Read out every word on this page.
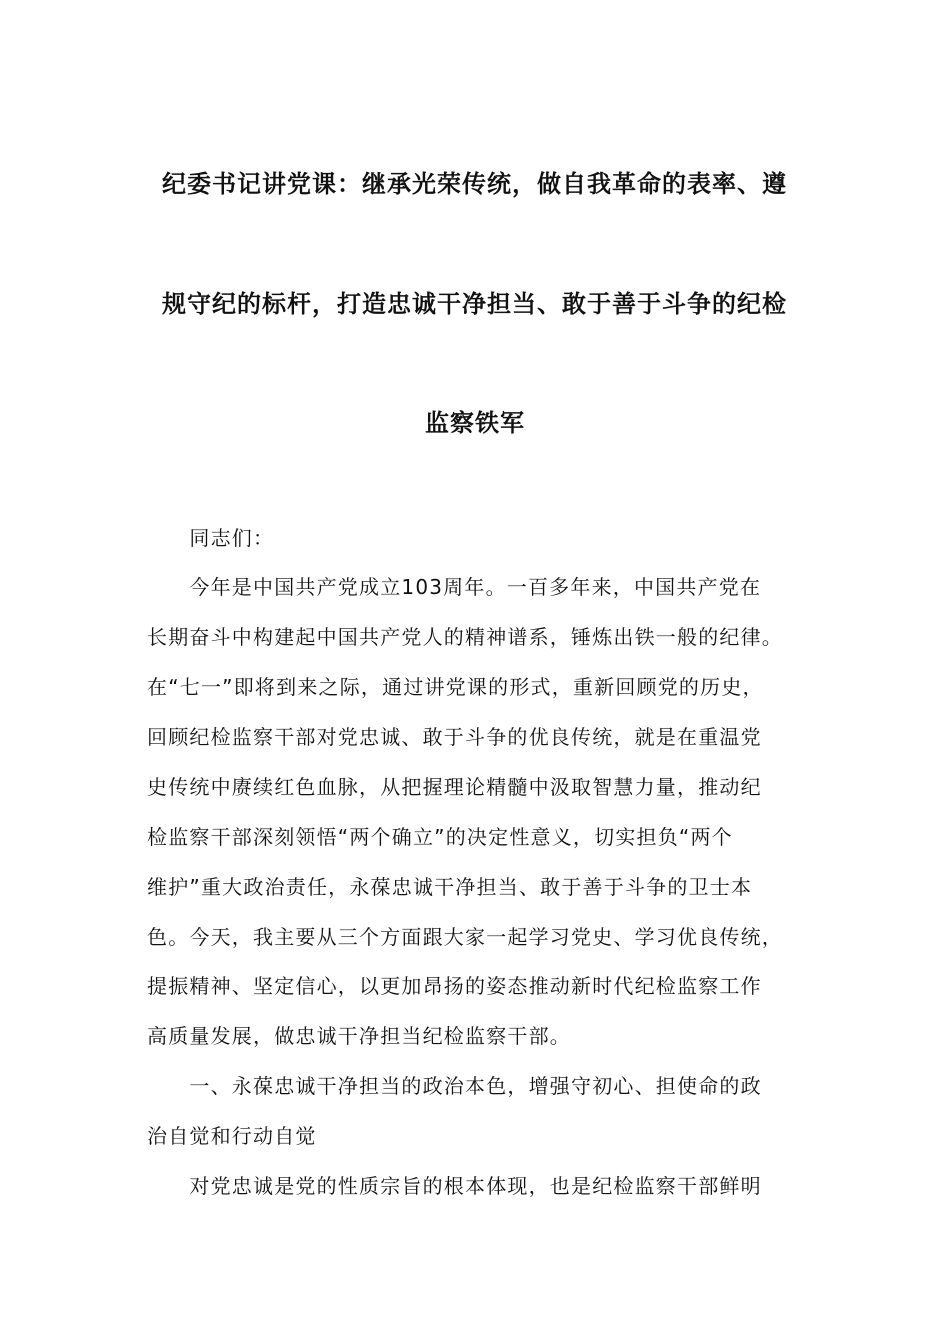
纪委书记讲党课：继承光荣传统，做自我革命的表率、遵
规守纪的标杆，打造忠诚干净担当、敢于善于斗争的纪检
监察铁军
　　同志们：
　　今年是中国共产党成立103周年。一百多年来，中国共产党在
长期奋斗中构建起中国共产党人的精神谱系，锤炼出铁一般的纪律。
在“七一”即将到来之际，通过讲党课的形式，重新回顾党的历史，
回顾纪检监察干部对党忠诚、敢于斗争的优良传统，就是在重温党
史传统中赓续红色血脉，从把握理论精髓中汲取智慧力量，推动纪
检监察干部深刻领悟“两个确立”的决定性意义，切实担负“两个
维护”重大政治责任，永葆忠诚干净担当、敢于善于斗争的卫士本
色。今天，我主要从三个方面跟大家一起学习党史、学习优良传统，
提振精神、坚定信心，以更加昂扬的姿态推动新时代纪检监察工作
高质量发展，做忠诚干净担当纪检监察干部。
　　一、永葆忠诚干净担当的政治本色，增强守初心、担使命的政
治自觉和行动自觉
　　对党忠诚是党的性质宗旨的根本体现，也是纪检监察干部鲜明
